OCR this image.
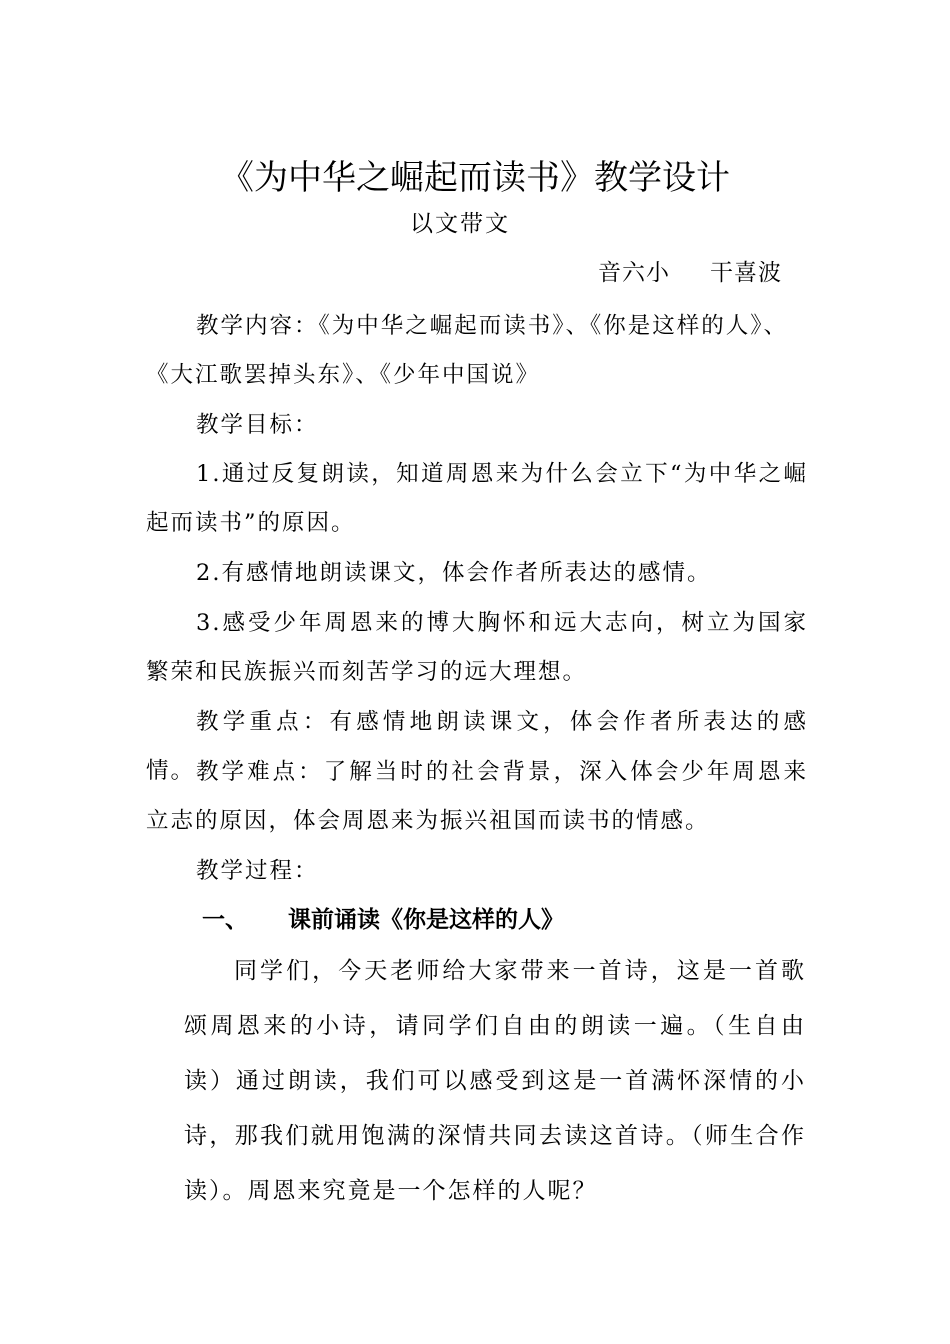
《为中华之崛起而读书》教学设计

以文带文

音六小 干喜波

教学内容：《为中华之崛起而读书》、《你是这样的人》、

《大江歌罢掉头东》、《少年中国说》

教学目标：

1.通过反复朗读，知道周恩来为什么会立下“为中华之崛起而读书”的原因。

2.有感情地朗读课文，体会作者所表达的感情。

3.感受少年周恩来的博大胸怀和远大志向，树立为国家繁荣和民族振兴而刻苦学习的远大理想。

教学重点：有感情地朗读课文，体会作者所表达的感情。 教学难点：了解当时的社会背景，深入体会少年周恩来立志的原因，体会周恩来为振兴祖国而读书的情感。

教学过程：

一、 课前诵读《你是这样的人》

同学们，今天老师给大家带来一首诗，这是一首歌颂周恩来的小诗，请同学们自由的朗读一遍。（生自由读）通过朗读，我们可以感受到这是一首满怀深情的小诗，那我们就用饱满的深情共同去读这首诗。（师生合作读）。周恩来究竟是一个怎样的人呢？
